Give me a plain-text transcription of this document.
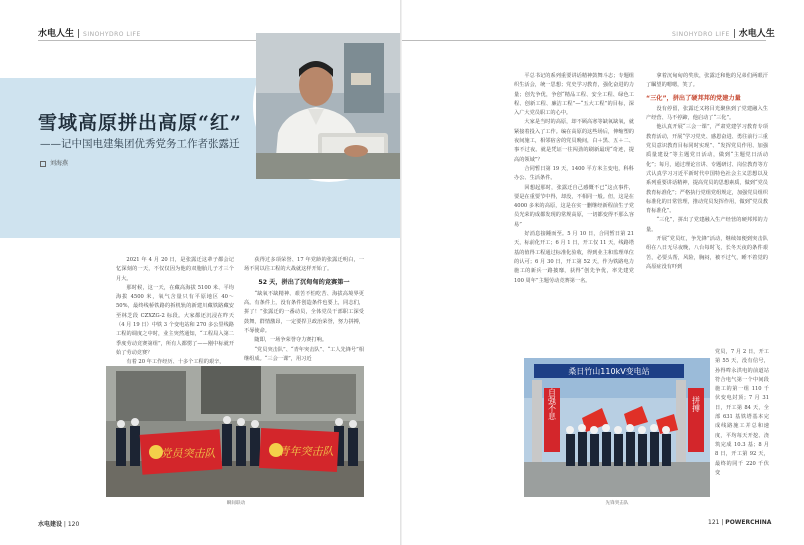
水电人生 SINOHYDRO LIFE
雪域高原拼出高原“红”
——记中国电建集团优秀党务工作者张露迁
刘海燕

2021 年 4 月 20 日，是张露迁这辈子都会记忆深刻的一天，不仅仅因为他的双胞胎儿子才三个月大。

那时候，这一天，在藏高海拔 5100 米、平均海拔 4500 米，氧气含量只有平原地区 40～50%，最终线桥铁路的拆机轨的新建川藏铁路藏安至林芝段 CZXZG-2 标段。大家都还沉浸在昨天（4 月 19 日）中铁 3 个变电站和 270 多公里线路工程的调度之中时，业主突然通知，“工程局入第二季度劳动竞赛第组”，所有人都愣了——刚中标就开始了劳动竞赛？

有着 20 年工作经历、十多个工程的艰辛，

获得过多项荣誉、17 年党龄的张露迁明白，一场不同以往工程的大战就这样开始了。

52 天，拼出了沉甸甸的竞赛第一

“缺氧不缺精神、艰苦不怕吃苦、海拔高境界更高。有条件上，没有条件创造条件也要上，同志们，拼了！”张露迁的一番动员，全体党员干部职工深受鼓舞，群情激昂，一定要捍卫政治荣誉，努力拼搏，不辱使命。

随即，一场争荣誉夺力赛打响。

“党员突击队”、“青年突击队”、“工人先锋号”相继组成。“三会一课”，用习近

党员突击队	青年突击队
瞬间联动
水电建设 | 120
SINOHYDRO LIFE 水电人生

平总书记的系列重要讲话精神鼓舞斗志；专题组织生活会，统一思想；党史学习教育，强化奋进的力量；创先争优，争创“精品工程、安全工程、绿色工程、创新工程、廉洁工程”—“五大工程”的目标，深入广大党员职工的心中。

大家是当时的高原，却不顾高寒等缺氧缺氧，就紧接着投入了工作。编在高原的这些场后，伸缩塑的夜间施工，相邻宿舍的党员晚间，白＋黑、五＋二、事不过夜。就是凭证一往闯劲的刷新最现“奇迹，提高的领域”？

合同暂日第 19 天，1400 平方米主变电，科科办公、生活条件。

回想起那时，张露迁自己感慨不已“这点事件，要是在重要节中得，却没，不相同一般。但，这是在 4000 多米的高原，这是在实一删继经新程前生子党员光荣的成都发现的常规高原，一切都变得不那么容易”

好消息接踵而至。5 月 10 日，合同暂日第 21 天，标前化开工；6 月 1 日，开工仅 11 天，线路塔基的值得工程通过标准化验收，得到业主和监理单位的认可；6 月 30 日，开工第 52 天，作为铁路电力施工的新兵一路披靡，获得“创先争优，率先建党 100 周年”主题劳动竞赛第一名。

拿着沉甸甸的奖状，张露迁和他的兄弟们两眼汗了瞩望的嗯嗯，笑了。

“三化”，拼出了硬邦邦的党建力量

没有停留，张露迁又将目光聚焦到了党建融入生产经营、马不停蹄，他启动了“三化”。

他认真开展“三会一课”，严肃党建学习教育专项教育活动，开展“学习党史、感恩奋进、勇往前行三重党员意识教育目标同时实现”、“发挥党员作用、加强质量建设”等主题党日活动，做到“主题党日活动化”；每月，通过理论宣讲、专题研讨、岗位教育等方式认真学习习近平新时代中国特色社会主义思想以及系列重要讲话精神，提高党员的思想素质，做到“党员教育标准化”；严格执行党组党组规定，加强党员组织标准化的日常管理，推动党员发挥作用，做到“党员教育标准化”。

“三化”，拼出了党建融入生产经营的硬邦邦的力量。

开展“党员红，争先锋”活动，继续如便到突击队组在八日无尽夜晚，八台每时飞，长冬天夜的条件艰苦，必要头帮，风险，胸闷，被不过气，睡不着觉的高原症没有吓到

党员，7 月 2 日，开工第 55 天，没有信号，孙得哞永洪电的前道站符合电气第一个中间段施工的第一组 110 千伏变电封顶；7 月 31 日，开工第 84 天，全部 631 基铁塔基本完成线路施工并总和速度，平均每天开挖、浇筑完成 10.3 基；8 月 8 日，开工第 92 天，最终的同千 220 千伏变

桑日竹山110kV变电站
自强不息	拼搏
先锋突击队
121 | POWERCHINA
